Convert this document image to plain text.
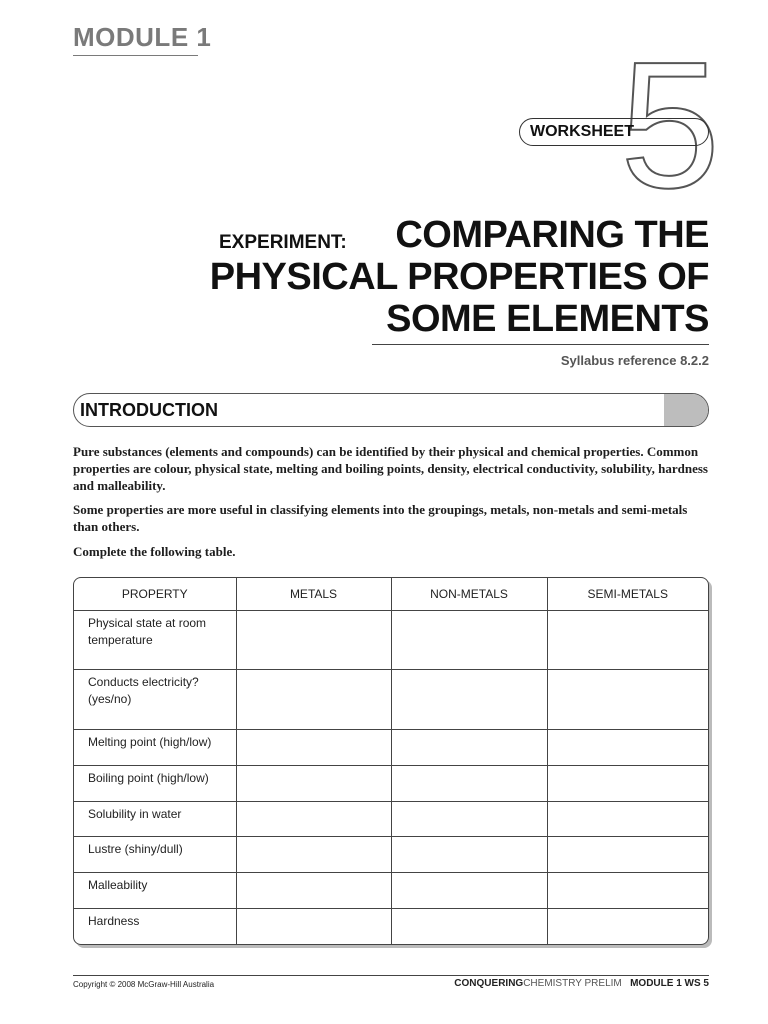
MODULE 1 5
WORKSHEET
EXPERIMENT: COMPARING THE
PHYSICAL PROPERTIES OF
SOME ELEMENTS
Syllabus reference 8.2.2
INTRODUCTION
Pure substances (elements and compounds) can be identified by their physical and chemical properties. Common properties are colour, physical state, melting and boiling points, density, electrical conductivity, solubility, hardness and malleability.
Some properties are more useful in classifying elements into the groupings, metals, non-metals and semi-metals than others.
Complete the following table.
PROPERTY	METALS	NON-METALS	SEMI-METALS
Physical state at room temperature			
Conducts electricity? (yes/no)			
Melting point (high/low)			
Boiling point (high/low)			
Solubility in water			
Lustre (shiny/dull)			
Malleability			
Hardness			
Copyright © 2008 McGraw-Hill Australia	CONQUERINGCHEMISTRY PRELIM MODULE 1 WS 5
